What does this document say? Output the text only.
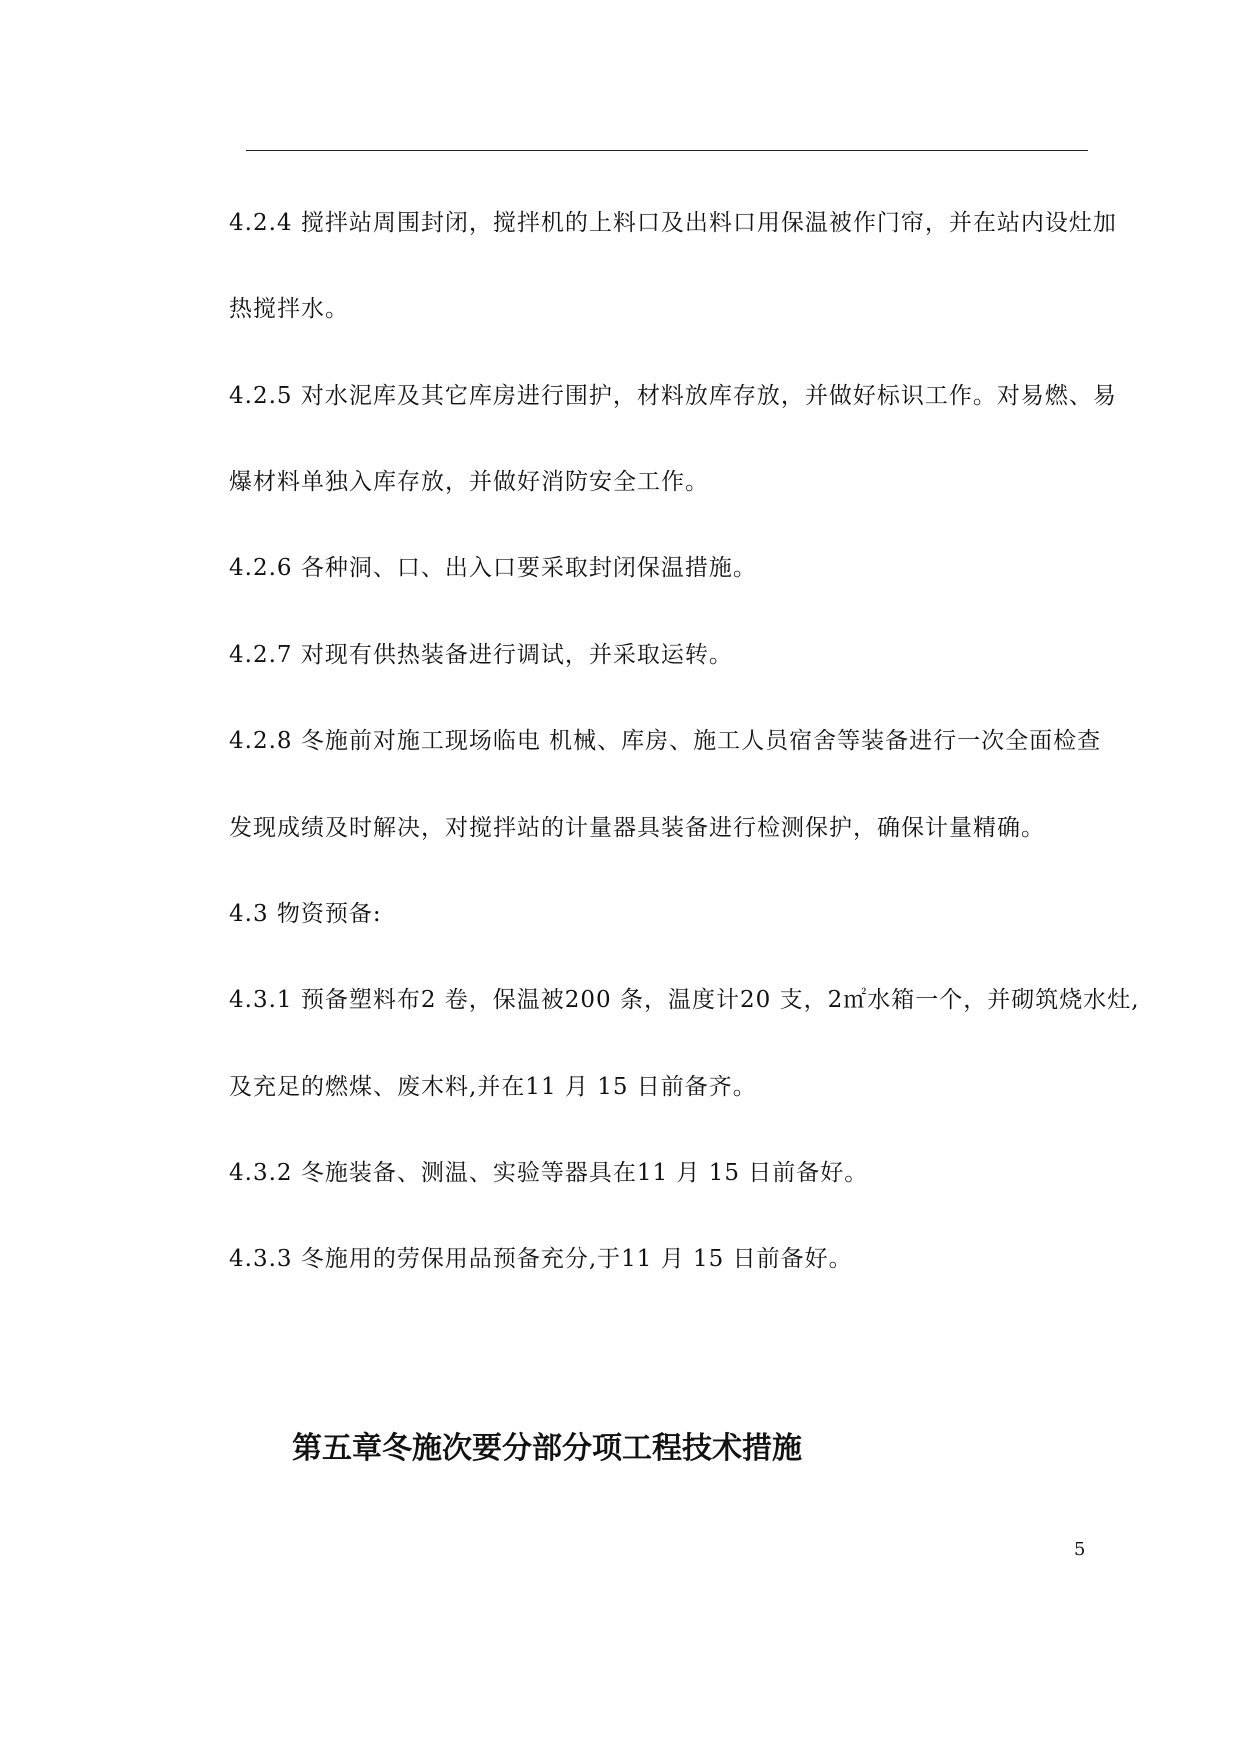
4.2.4 搅拌站周围封闭，搅拌机的上料口及出料口用保温被作门帘，并在站内设灶加
热搅拌水。
4.2.5 对水泥库及其它库房进行围护，材料放库存放，并做好标识工作。对易燃、易
爆材料单独入库存放，并做好消防安全工作。
4.2.6 各种洞、口、出入口要采取封闭保温措施。
4.2.7 对现有供热装备进行调试，并采取运转。
4.2.8 冬施前对施工现场临电 机械、库房、施工人员宿舍等装备进行一次全面检查
发现成绩及时解决，对搅拌站的计量器具装备进行检测保护，确保计量精确。
4.3 物资预备:
4.3.1 预备塑料布2 卷，保温被200 条，温度计20 支，2㎡水箱一个，并砌筑烧水灶,
及充足的燃煤、废木料,并在11 月 15 日前备齐。
4.3.2 冬施装备、测温、实验等器具在11 月 15 日前备好。
4.3.3 冬施用的劳保用品预备充分,于11 月 15 日前备好。
第五章冬施次要分部分项工程技术措施
5
